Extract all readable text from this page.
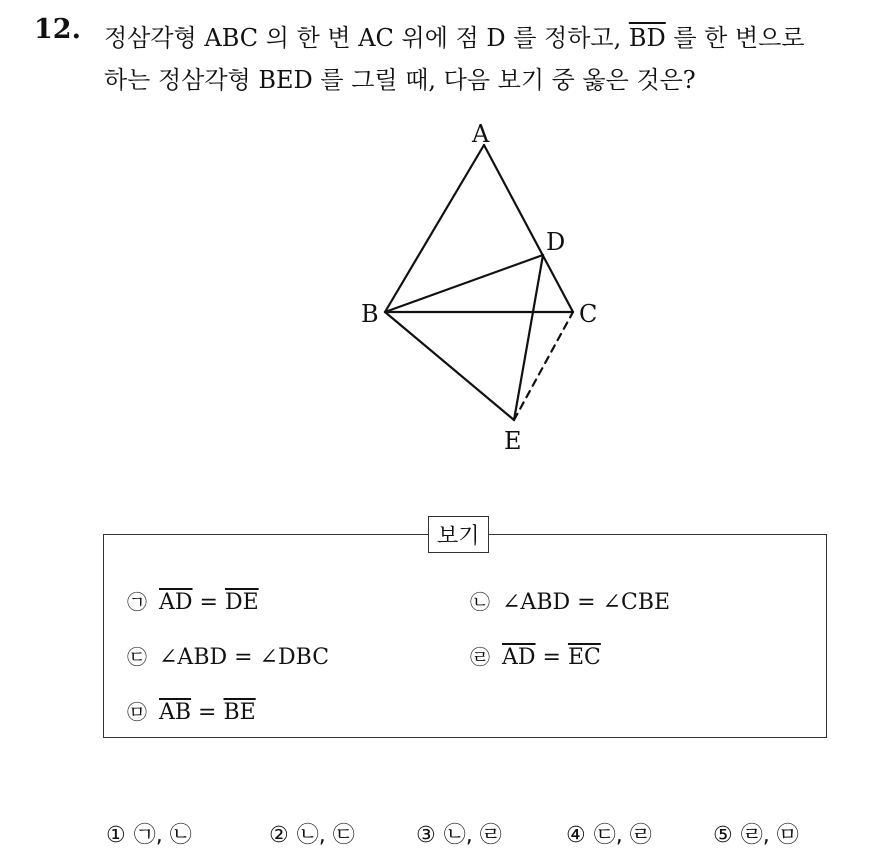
12. 정삼각형 ABC 의 한 변 AC 위에 점 D 를 정하고, $\overline{BD}$ 를 한 변으로
하는 정삼각형 BED 를 그릴 때, 다음 보기 중 옳은 것은?
A
B	C
D
E
보기
㉠ $\overline{AD} = \overline{DE}$	㉡ ∠ABD = ∠CBE
㉢ ∠ABD = ∠DBC	㉣ $\overline{AD} = \overline{EC}$
㉤ $\overline{AB} = \overline{BE}$
① ㉠, ㉡	② ㉡, ㉢	③ ㉡, ㉣	④ ㉢, ㉣	⑤ ㉣, ㉤
